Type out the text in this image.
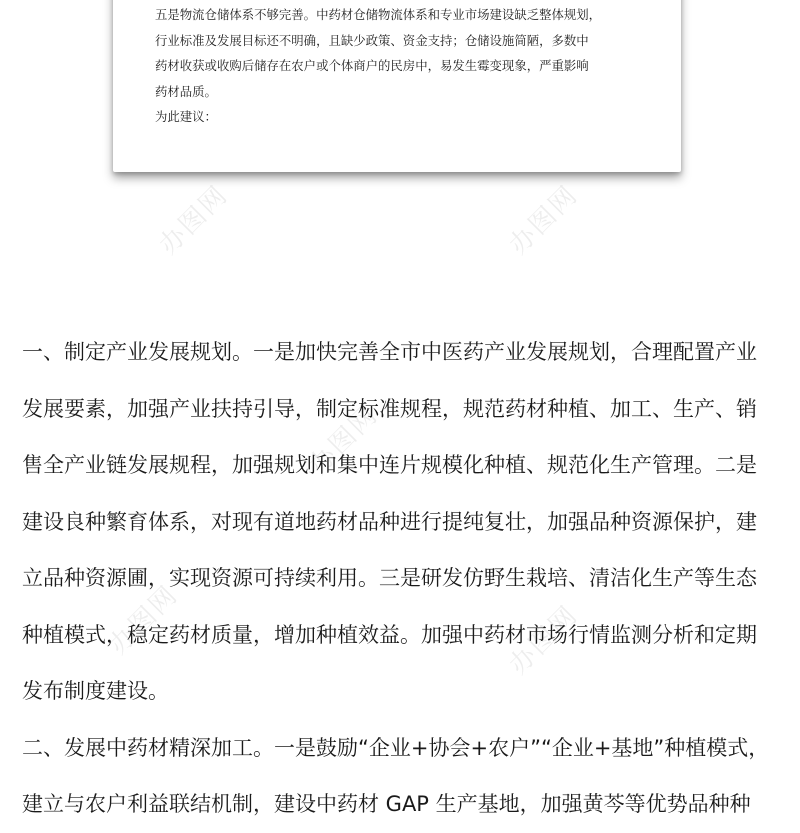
五是物流仓储体系不够完善。中药材仓储物流体系和专业市场建设缺乏整体规划，
行业标准及发展目标还不明确，且缺少政策、资金支持；仓储设施简陋，多数中
药材收获或收购后储存在农户或个体商户的民房中，易发生霉变现象，严重影响
药材品质。
为此建议：
办图网	办图网
办图网
办图网	办图网
一、制定产业发展规划。一是加快完善全市中医药产业发展规划，合理配置产业
发展要素，加强产业扶持引导，制定标准规程，规范药材种植、加工、生产、销
售全产业链发展规程，加强规划和集中连片规模化种植、规范化生产管理。二是
建设良种繁育体系，对现有道地药材品种进行提纯复壮，加强品种资源保护，建
立品种资源圃，实现资源可持续利用。三是研发仿野生栽培、清洁化生产等生态
种植模式，稳定药材质量，增加种植效益。加强中药材市场行情监测分析和定期
发布制度建设。
二、发展中药材精深加工。一是鼓励“企业+协会+农户”“企业+基地”种植模式，
建立与农户利益联结机制，建设中药材 GAP 生产基地，加强黄芩等优势品种种
